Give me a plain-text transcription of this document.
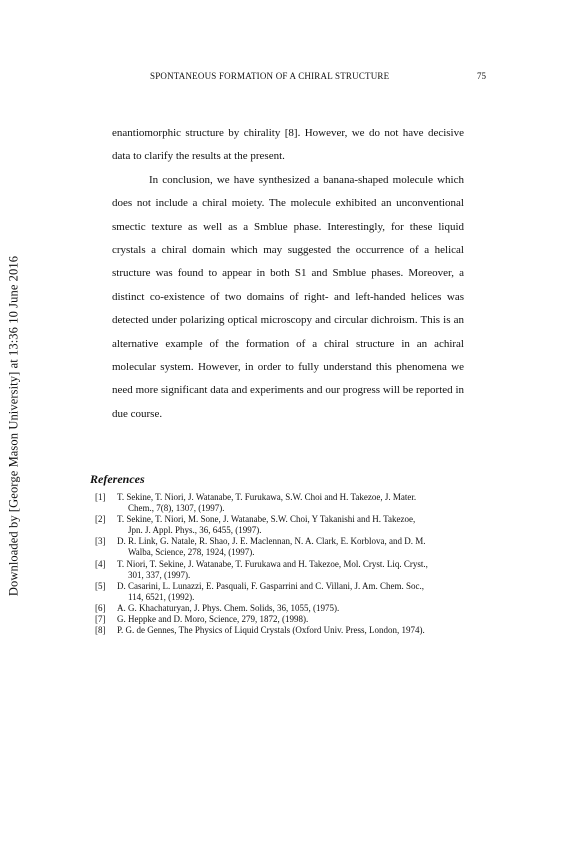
Downloaded by [George Mason University] at 13:36 10 June 2016
SPONTANEOUS FORMATION OF A CHIRAL STRUCTURE	75

enantiomorphic structure by chirality [8]. However, we do not have decisive data to clarify the results at the present.

In conclusion, we have synthesized a banana-shaped molecule which does not include a chiral moiety. The molecule exhibited an unconventional smectic texture as well as a Smblue phase. Interestingly, for these liquid crystals a chiral domain which may suggested the occurrence of a helical structure was found to appear in both S1 and Smblue phases. Moreover, a distinct co-existence of two domains of right- and left-handed helices was detected under polarizing optical microscopy and circular dichroism. This is an alternative example of the formation of a chiral structure in an achiral molecular system. However, in order to fully understand this phenomena we need more significant data and experiments and our progress will be reported in due course.

References
[1] T. Sekine, T. Niori, J. Watanabe, T. Furukawa, S.W. Choi and H. Takezoe, J. Mater.
Chem., 7(8), 1307, (1997).
[2] T. Sekine, T. Niori, M. Sone, J. Watanabe, S.W. Choi, Y Takanishi and H. Takezoe,
Jpn. J. Appl. Phys., 36, 6455, (1997).
[3] D. R. Link, G. Natale, R. Shao, J. E. Maclennan, N. A. Clark, E. Korblova, and D. M.
Walba, Science, 278, 1924, (1997).
[4] T. Niori, T. Sekine, J. Watanabe, T. Furukawa and H. Takezoe, Mol. Cryst. Liq. Cryst.,
301, 337, (1997).
[5] D. Casarini, L. Lunazzi, E. Pasquali, F. Gasparrini and C. Villani, J. Am. Chem. Soc.,
114, 6521, (1992).
[6] A. G. Khachaturyan, J. Phys. Chem. Solids, 36, 1055, (1975).
[7] G. Heppke and D. Moro, Science, 279, 1872, (1998).
[8] P. G. de Gennes, The Physics of Liquid Crystals (Oxford Univ. Press, London, 1974).
